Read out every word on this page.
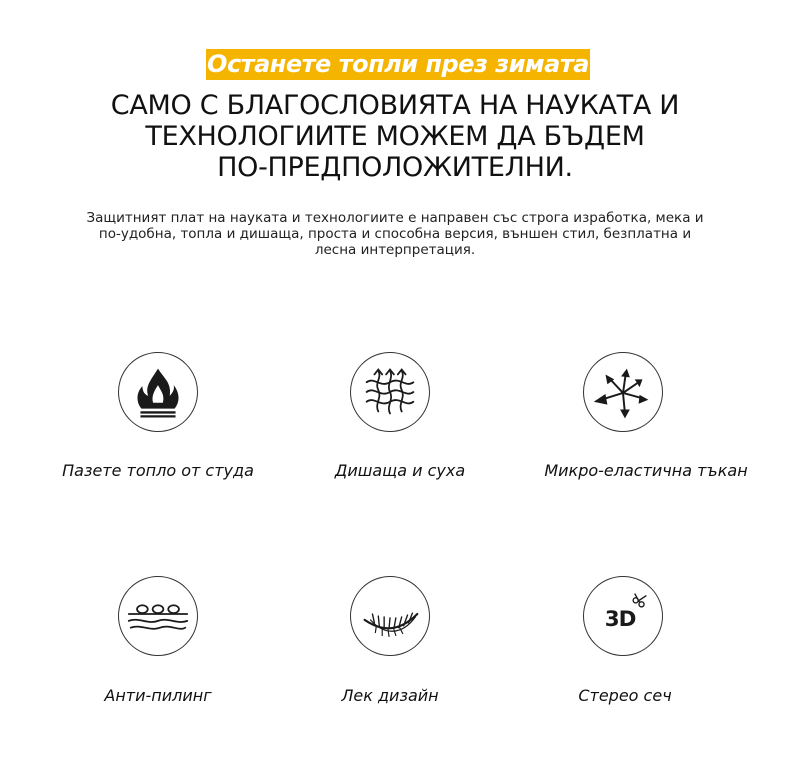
Останете топли през зимата
САМО С БЛАГОСЛОВИЯТА НА НАУКАТА И
ТЕХНОЛОГИИТЕ МОЖЕМ ДА БЪДЕМ
ПО-ПРЕДПОЛОЖИТЕЛНИ.

Защитният плат на науката и технологиите е направен със строга изработка, мека и
по-удобна, топла и дишаща, проста и способна версия, външен стил, безплатна и
лесна интерпретация.

Пазете топло от студа	Дишаща и суха	Микро-еластична тъкан
Анти-пилинг	Лек дизайн
3D
Стерео сеч
